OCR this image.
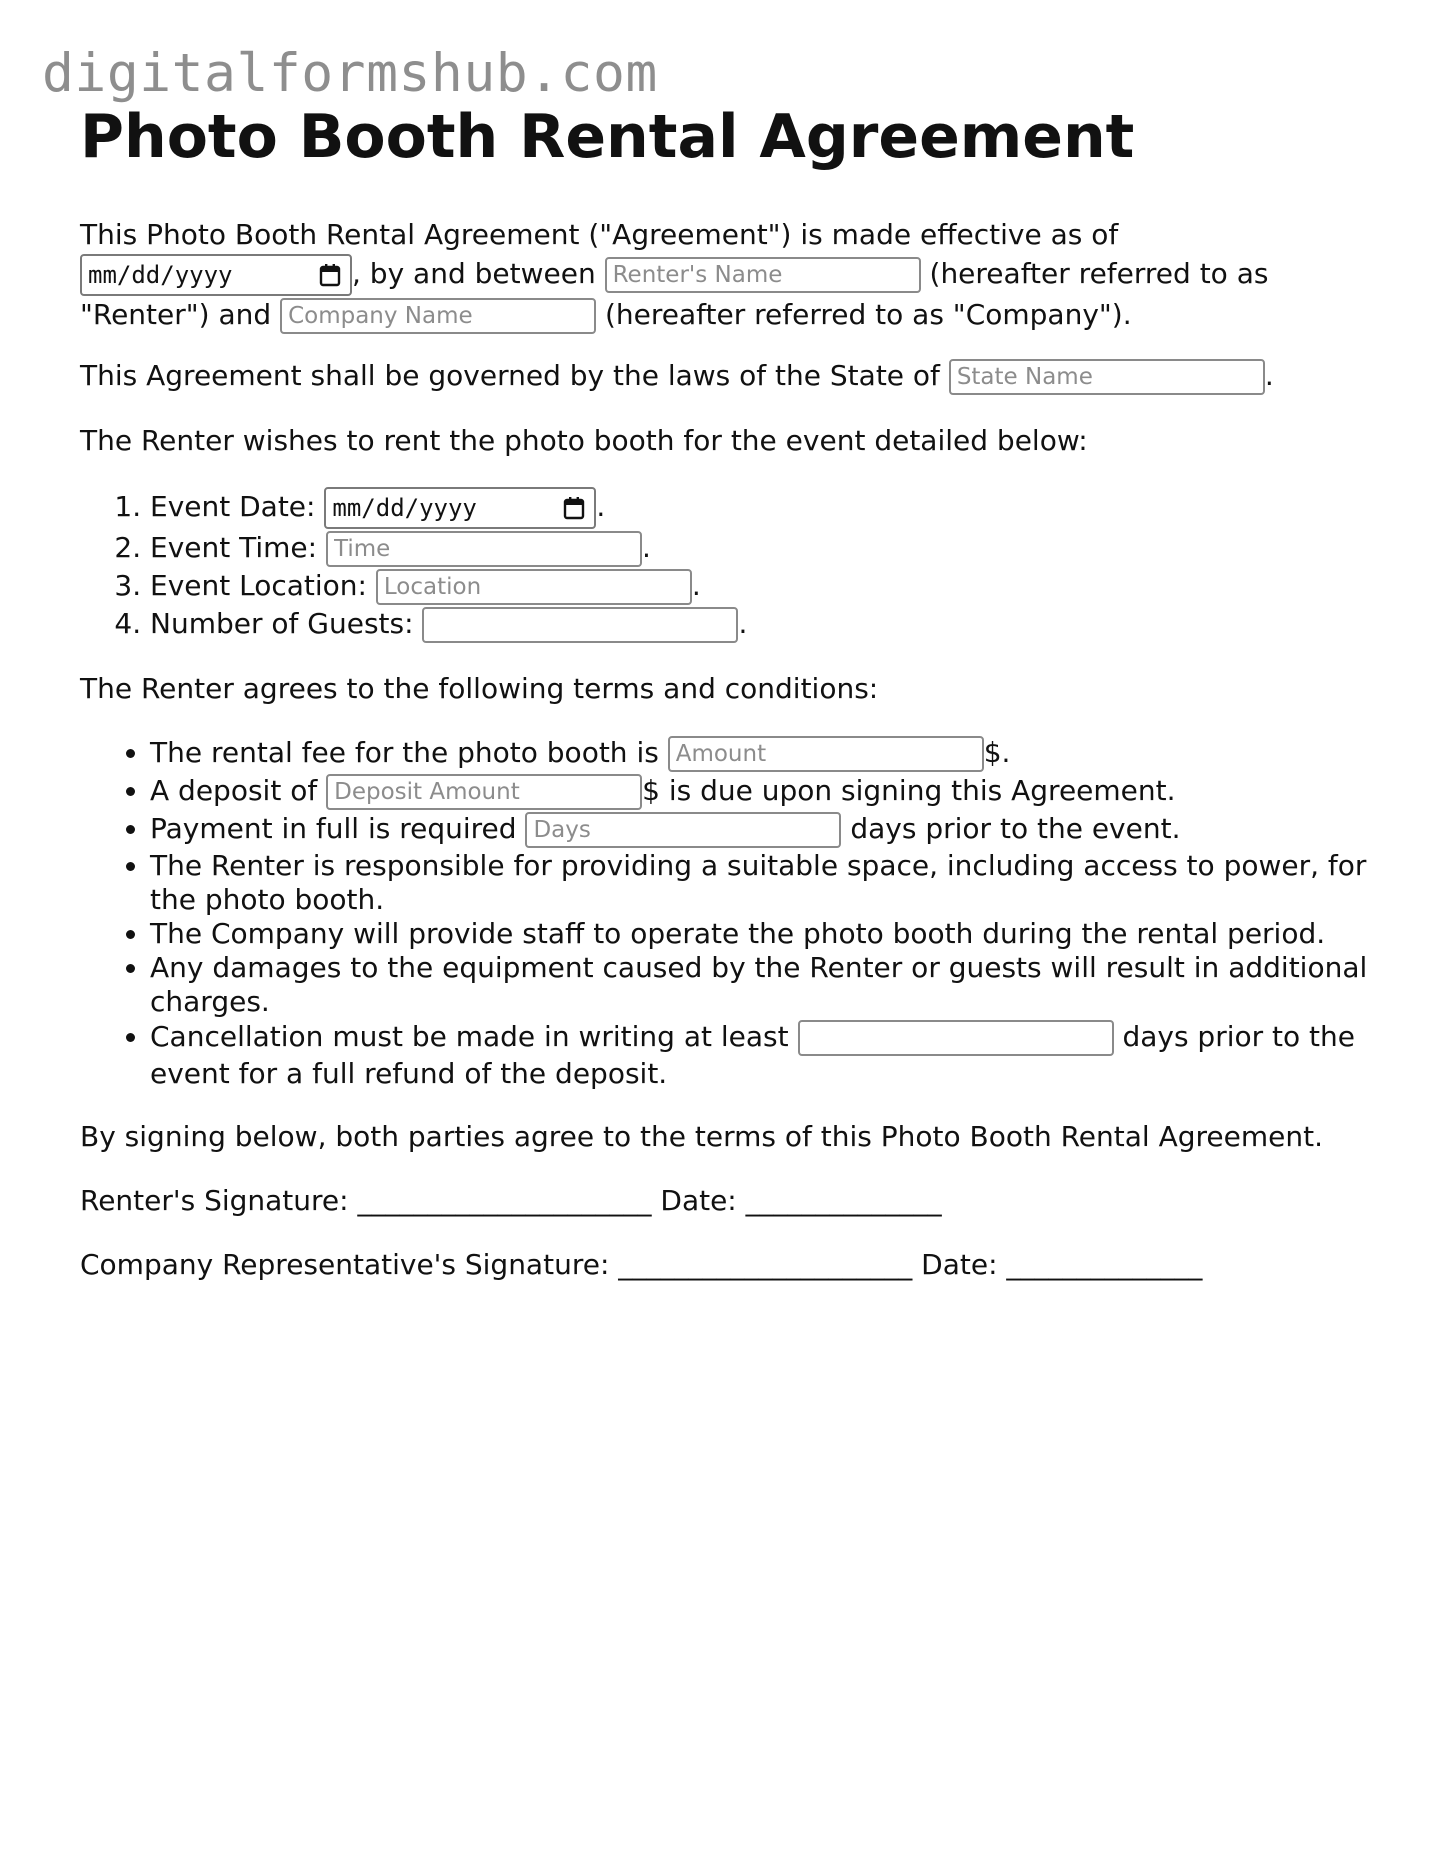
digitalformshub.com
Photo Booth Rental Agreement

This Photo Booth Rental Agreement ("Agreement") is made effective as of

mm/dd/yyyy	, by and between Renter's Name	(hereafter referred to as "Renter") and Company Name	(hereafter referred to as "Company").

This Agreement shall be governed by the laws of the State of State Name	.

The Renter wishes to rent the photo booth for the event detailed below:

1. Event Date: mm/dd/yyyy	.
2. Event Time: Time	.
3. Event Location: Location	.
4. Number of Guests:	.

The Renter agrees to the following terms and conditions:

• The rental fee for the photo booth is Amount	$.
• A deposit of Deposit Amount	$ is due upon signing this Agreement.
• Payment in full is required Days	days prior to the event.
• The Renter is responsible for providing a suitable space, including access to power, for the photo booth.
• The Company will provide staff to operate the photo booth during the rental period.
• Any damages to the equipment caused by the Renter or guests will result in additional charges.
• Cancellation must be made in writing at least	days prior to the event for a full refund of the deposit.

By signing below, both parties agree to the terms of this Photo Booth Rental Agreement.

Renter's Signature: _____________________ Date: ______________

Company Representative's Signature: _____________________ Date: ______________
